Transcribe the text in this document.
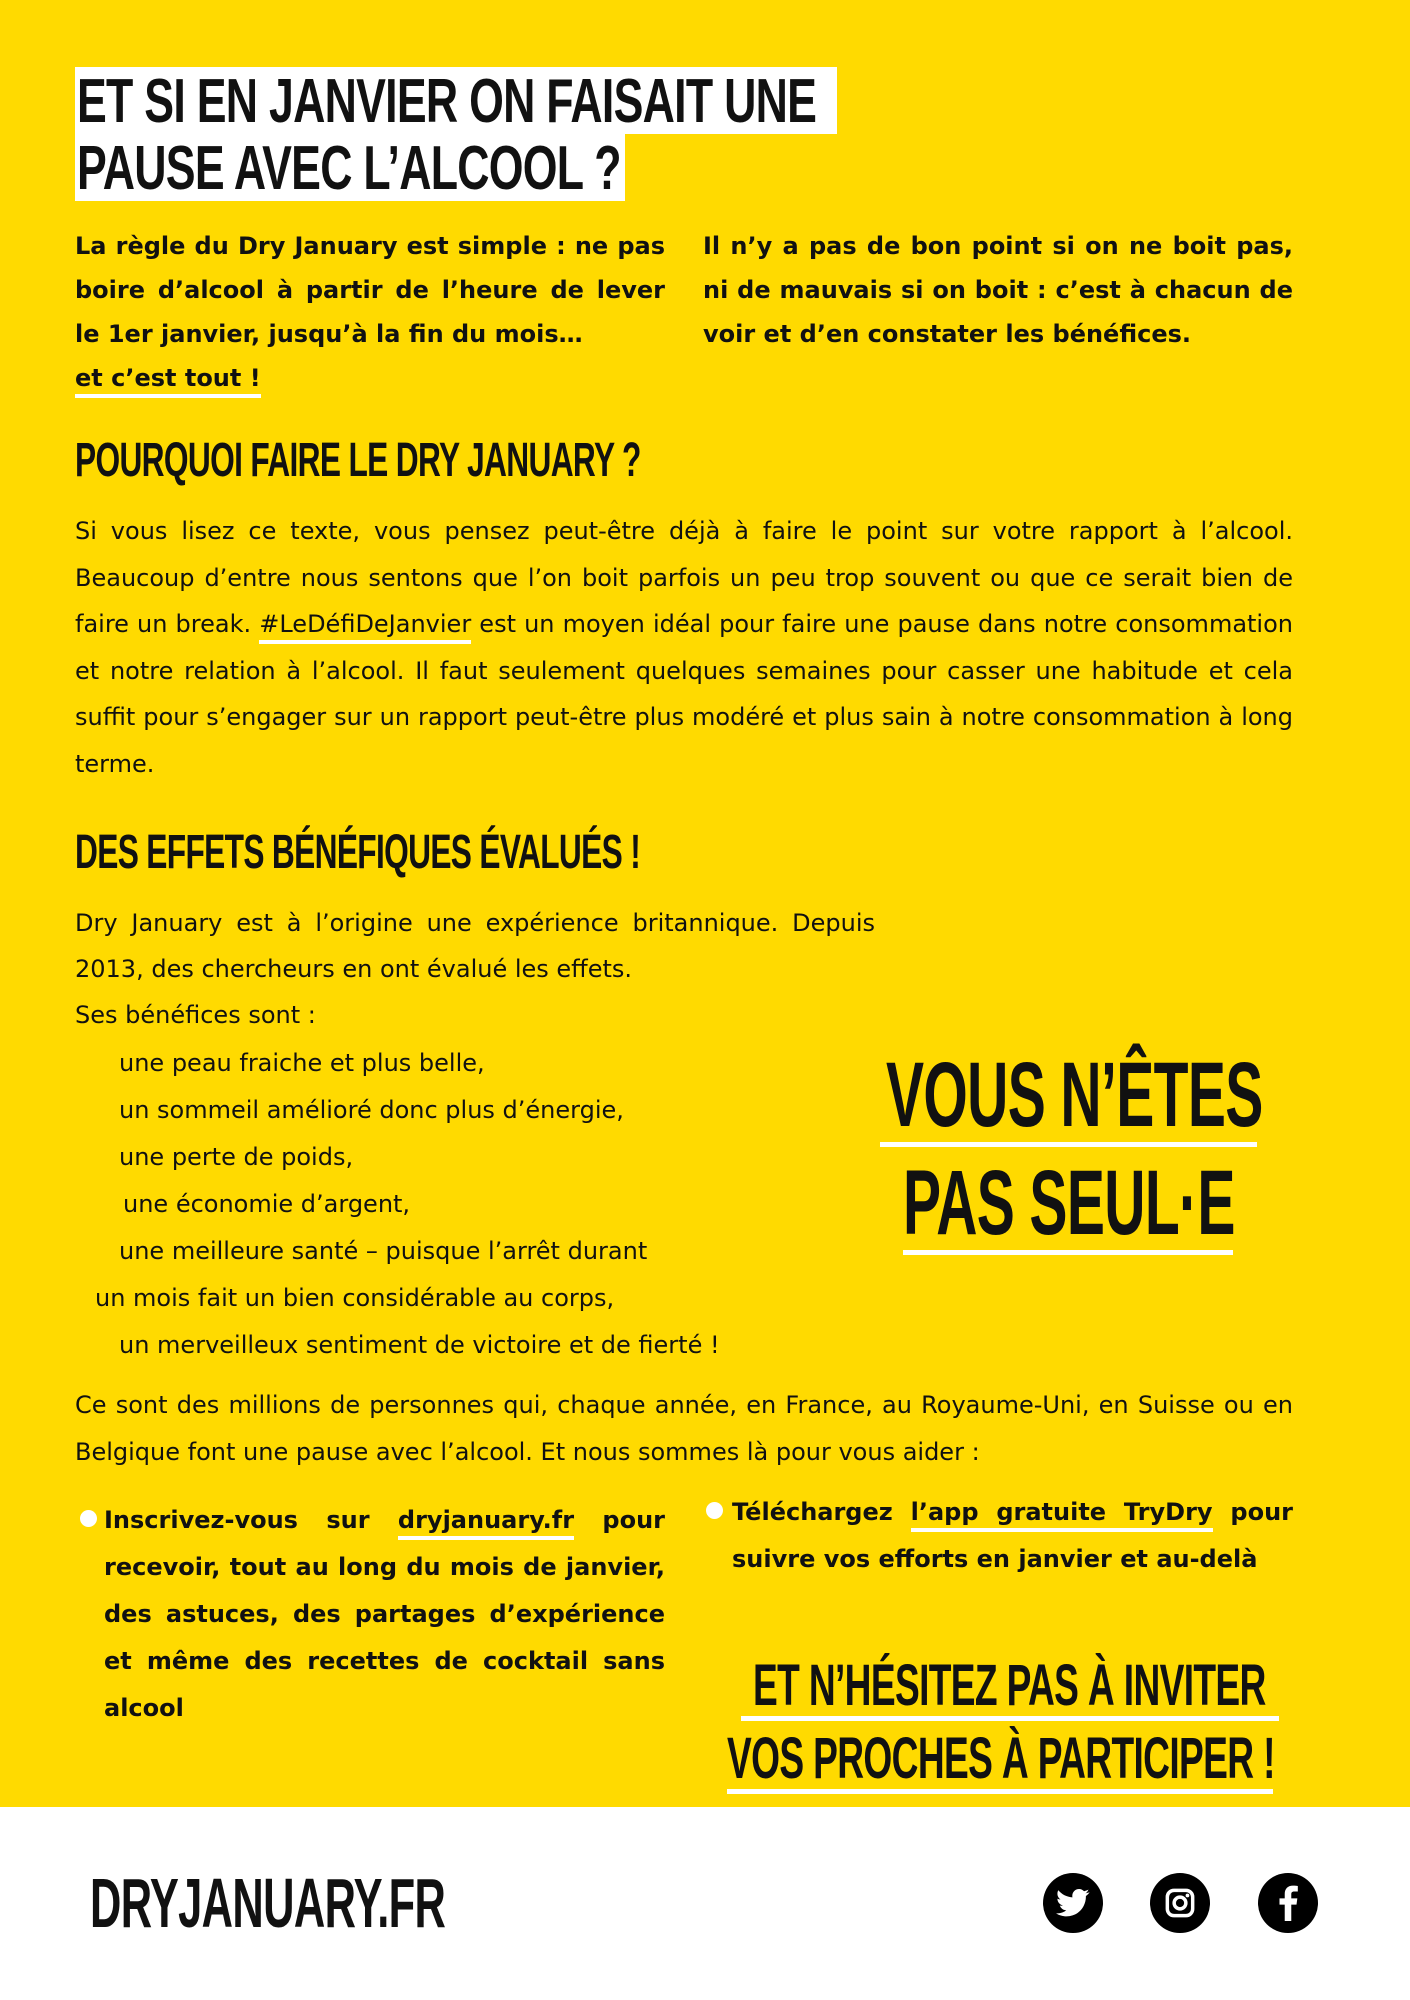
ET SI EN JANVIER ON FAISAIT UNE
PAUSE AVEC L’ALCOOL ?
La règle du Dry January est simple : ne pas boire d’alcool à partir de l’heure de lever le 1er janvier, jusqu’à la fin du mois…
et c’est tout !
Il n’y a pas de bon point si on ne boit pas, ni de mauvais si on boit : c’est à chacun de voir et d’en constater les bénéfices.
POURQUOI FAIRE LE DRY JANUARY ?
Si vous lisez ce texte, vous pensez peut-être déjà à faire le point sur votre rapport à l’alcool. Beaucoup d’entre nous sentons que l’on boit parfois un peu trop souvent ou que ce serait bien de faire un break. #LeDéfiDeJanvier est un moyen idéal pour faire une pause dans notre consommation et notre relation à l’alcool. Il faut seulement quelques semaines pour casser une habitude et cela suffit pour s’engager sur un rapport peut-être plus modéré et plus sain à notre consommation à long terme.
DES EFFETS BÉNÉFIQUES ÉVALUÉS !
Dry January est à l’origine une expérience britannique. Depuis 2013, des chercheurs en ont évalué les effets.
Ses bénéfices sont :
une peau fraiche et plus belle,
un sommeil amélioré donc plus d’énergie,
une perte de poids,
une économie d’argent,
une meilleure santé – puisque l’arrêt durant
un mois fait un bien considérable au corps,
un merveilleux sentiment de victoire et de fierté !
VOUS N’ÊTES

PAS SEUL·E
Ce sont des millions de personnes qui, chaque année, en France, au Royaume-Uni, en Suisse ou en Belgique font une pause avec l’alcool. Et nous sommes là pour vous aider :
Inscrivez-vous sur dryjanuary.fr pour recevoir, tout au long du mois de janvier, des astuces, des partages d’expérience et même des recettes de cocktail sans alcool
Téléchargez l’app gratuite TryDry pour suivre vos efforts en janvier et au-delà
ET N’HÉSITEZ PAS À INVITER
VOS PROCHES À PARTICIPER !
DRYJANUARY.FR
